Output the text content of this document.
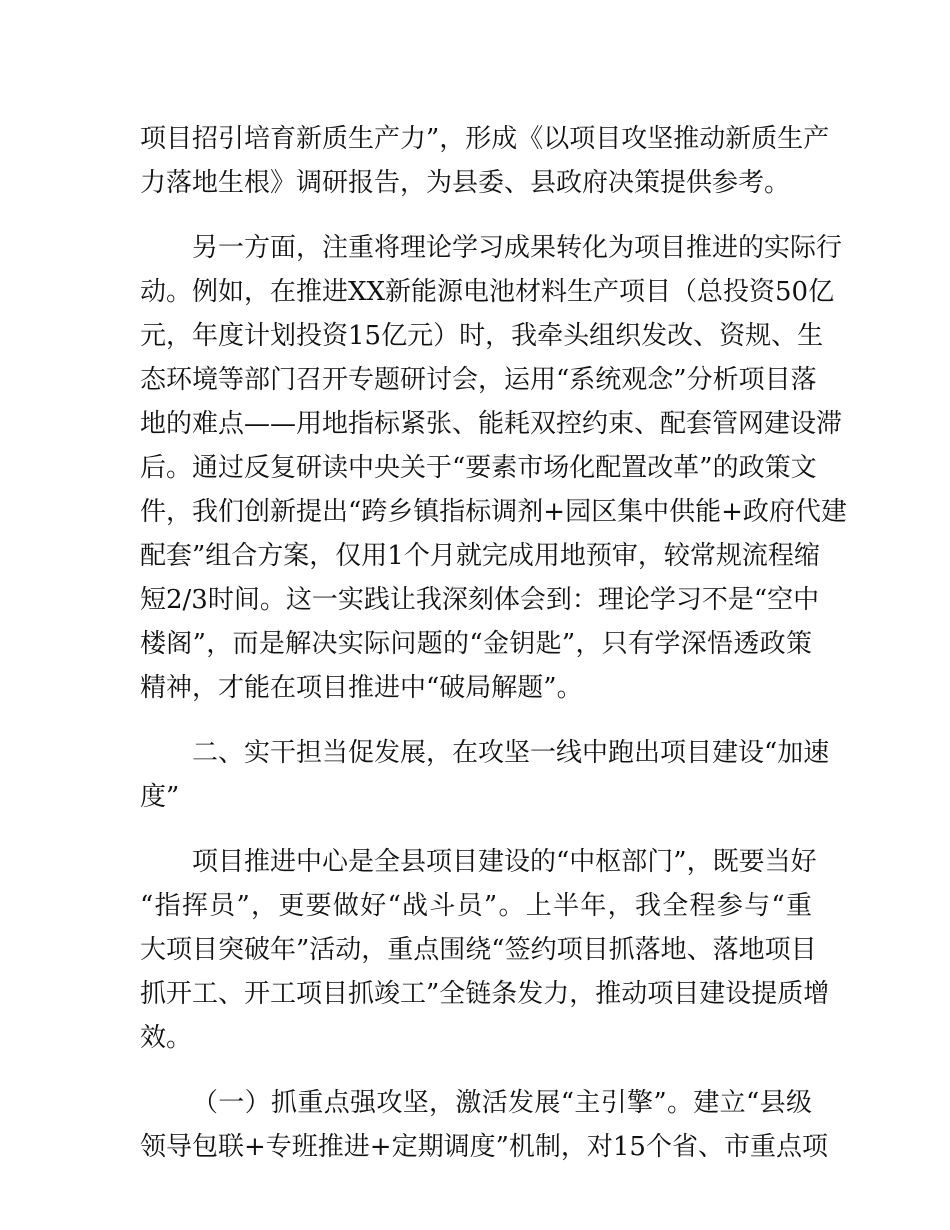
项目招引培育新质生产力”，形成《以项目攻坚推动新质生产
力落地生根》调研报告，为县委、县政府决策提供参考。
另一方面，注重将理论学习成果转化为项目推进的实际行
动。例如，在推进XX新能源电池材料生产项目（总投资50亿
元，年度计划投资15亿元）时，我牵头组织发改、资规、生
态环境等部门召开专题研讨会，运用“系统观念”分析项目落
地的难点——用地指标紧张、能耗双控约束、配套管网建设滞
后。通过反复研读中央关于“要素市场化配置改革”的政策文
件，我们创新提出“跨乡镇指标调剂+园区集中供能+政府代建
配套”组合方案，仅用1个月就完成用地预审，较常规流程缩
短2/3时间。这一实践让我深刻体会到：理论学习不是“空中
楼阁”，而是解决实际问题的“金钥匙”，只有学深悟透政策
精神，才能在项目推进中“破局解题”。
二、实干担当促发展，在攻坚一线中跑出项目建设“加速
度”
项目推进中心是全县项目建设的“中枢部门”，既要当好
“指挥员”，更要做好“战斗员”。上半年，我全程参与“重
大项目突破年”活动，重点围绕“签约项目抓落地、落地项目
抓开工、开工项目抓竣工”全链条发力，推动项目建设提质增
效。
（一）抓重点强攻坚，激活发展“主引擎”。建立“县级
领导包联+专班推进+定期调度”机制，对15个省、市重点项
